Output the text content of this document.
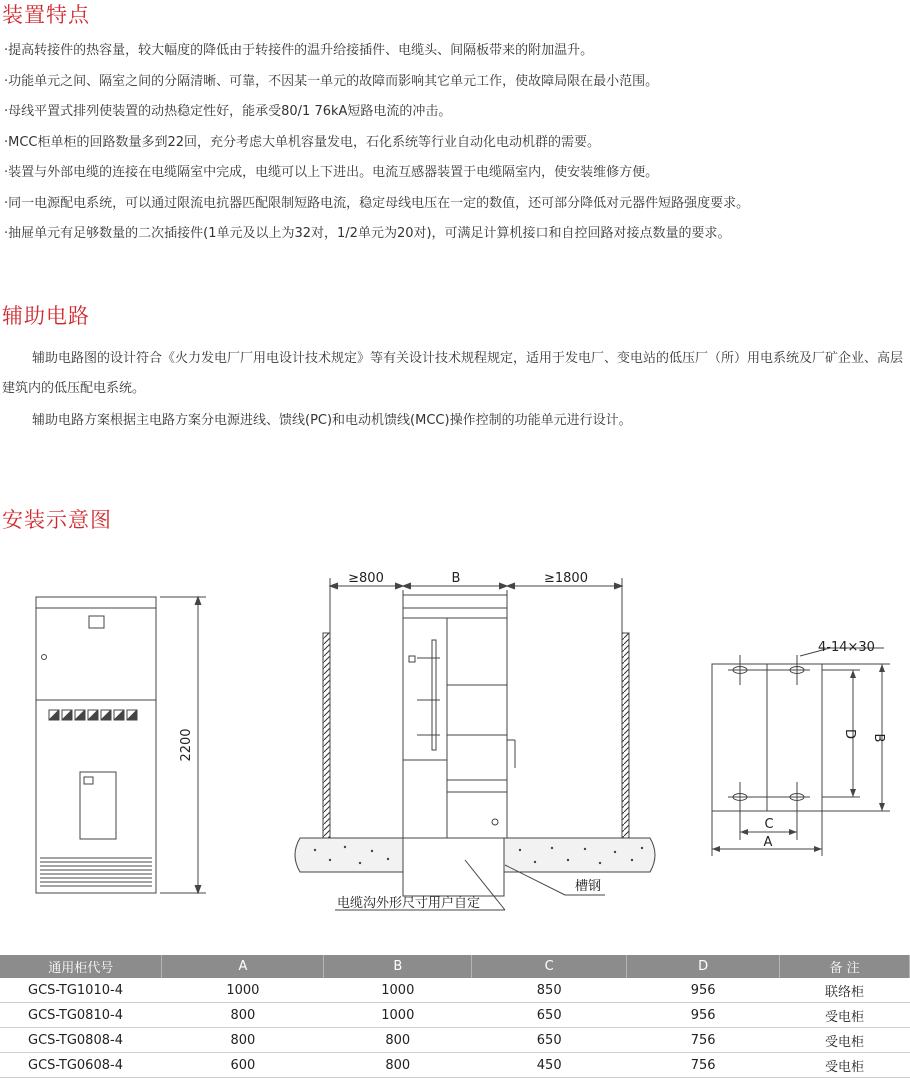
装置特点
·提高转接件的热容量，较大幅度的降低由于转接件的温升给接插件、电缆头、间隔板带来的附加温升。
·功能单元之间、隔室之间的分隔清晰、可靠，不因某一单元的故障而影响其它单元工作，使故障局限在最小范围。
·母线平置式排列使装置的动热稳定性好，能承受80/1 76kA短路电流的冲击。
·MCC柜单柜的回路数量多到22回，充分考虑大单机容量发电，石化系统等行业自动化电动机群的需要。
·装置与外部电缆的连接在电缆隔室中完成，电缆可以上下进出。电流互感器装置于电缆隔室内，使安装维修方便。
·同一电源配电系统，可以通过限流电抗器匹配限制短路电流，稳定母线电压在一定的数值，还可部分降低对元器件短路强度要求。
·抽屉单元有足够数量的二次插接件(1单元及以上为32对，1/2单元为20对)，可满足计算机接口和自控回路对接点数量的要求。
辅助电路

辅助电路图的设计符合《火力发电厂厂用电设计技术规定》等有关设计技术规程规定，适用于发电厂、变电站的低压厂（所）用电系统及厂矿企业、高层建筑内的低压配电系统。

辅助电路方案根据主电路方案分电源进线、馈线(PC)和电动机馈线(MCC)操作控制的功能单元进行设计。

安装示意图
2200
≥800	B	≥1800
槽钢
电缆沟外形尺寸用户自定
4-14×30
D B
C
A
通用柜代号	A	B	C	D	备 注
GCS-TG1010-4	1000	1000	850	956	联络柜
GCS-TG0810-4	800	1000	650	956	受电柜
GCS-TG0808-4	800	800	650	756	受电柜
GCS-TG0608-4	600	800	450	756	受电柜
